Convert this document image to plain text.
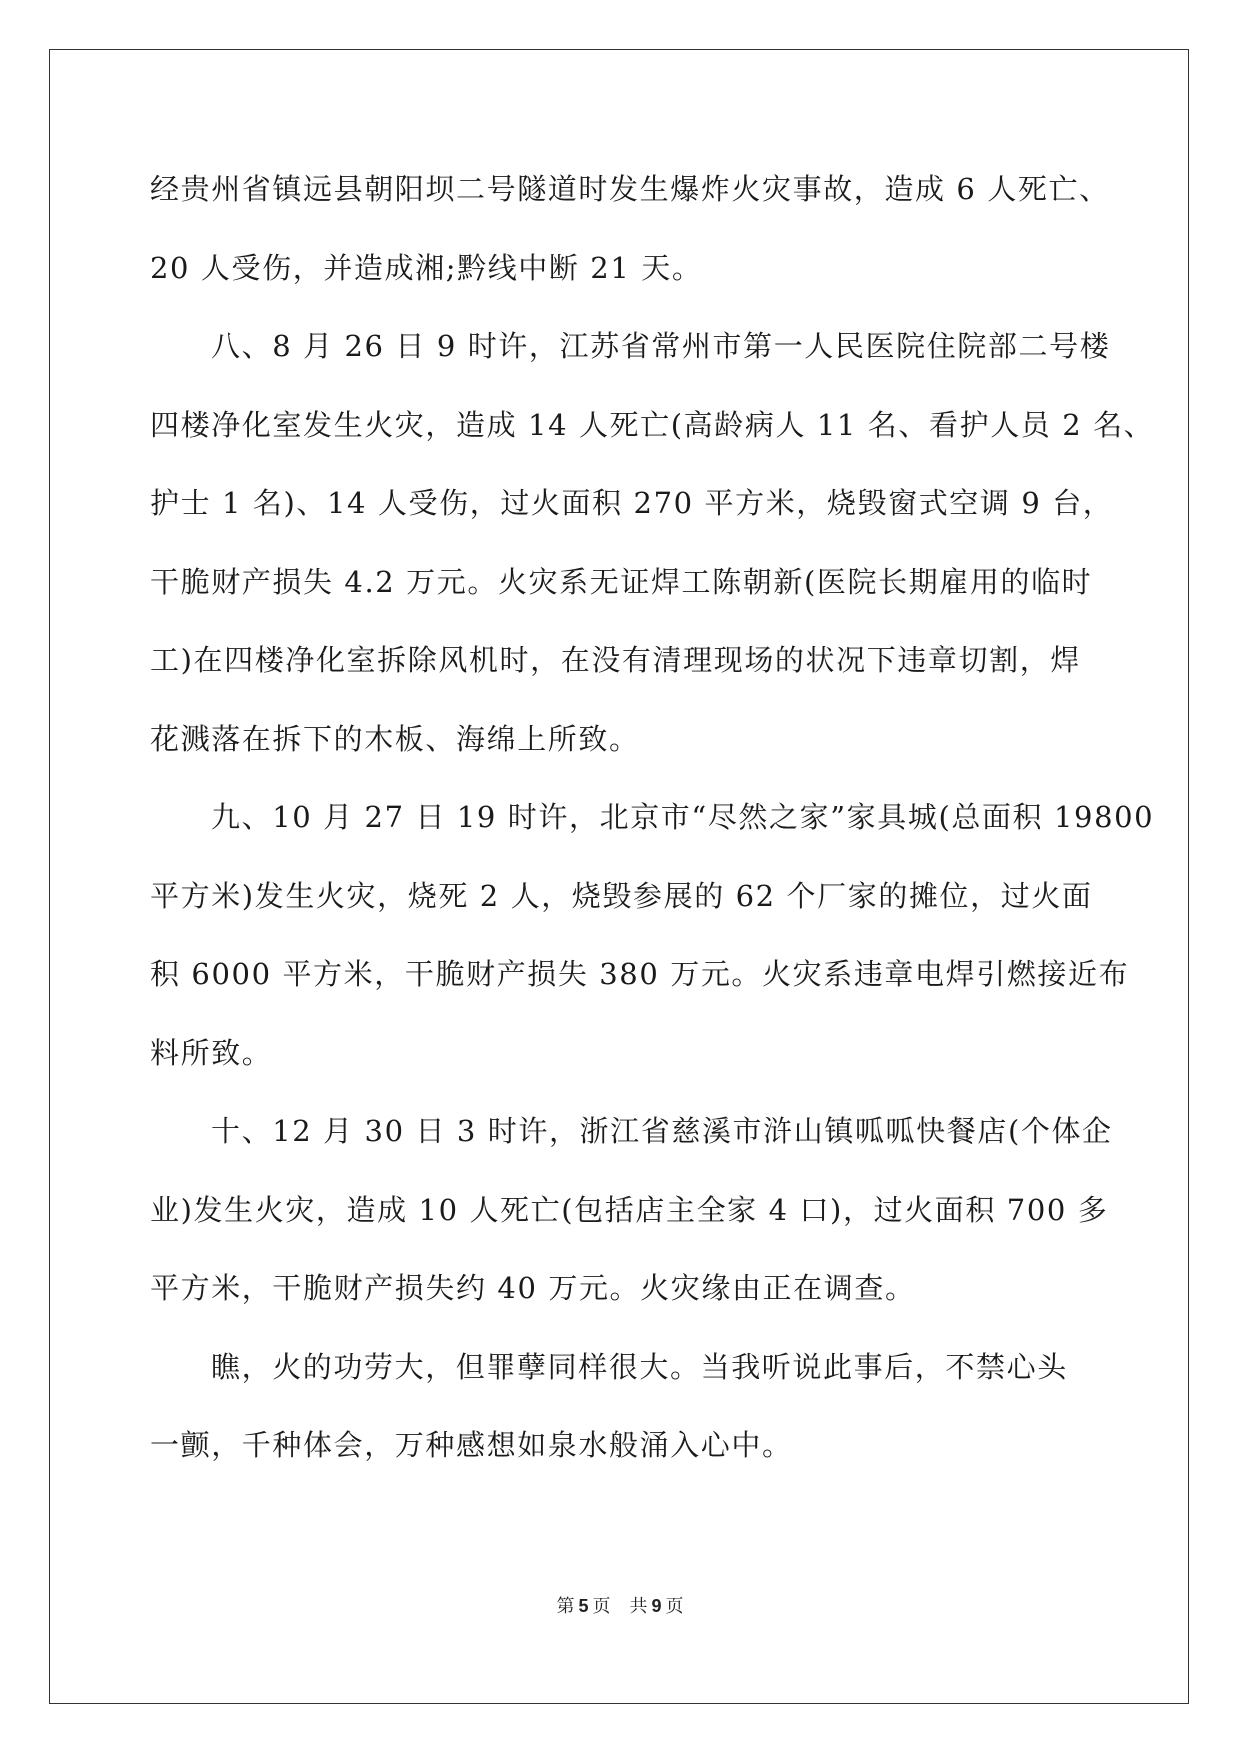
经贵州省镇远县朝阳坝二号隧道时发生爆炸火灾事故，造成 6 人死亡、
20 人受伤，并造成湘;黔线中断 21 天。

八、8 月 26 日 9 时许，江苏省常州市第一人民医院住院部二号楼
四楼净化室发生火灾，造成 14 人死亡(高龄病人 11 名、看护人员 2 名、
护士 1 名)、14 人受伤，过火面积 270 平方米，烧毁窗式空调 9 台，
干脆财产损失 4.2 万元。火灾系无证焊工陈朝新(医院长期雇用的临时
工)在四楼净化室拆除风机时，在没有清理现场的状况下违章切割，焊
花溅落在拆下的木板、海绵上所致。

九、10 月 27 日 19 时许，北京市“尽然之家”家具城(总面积 19800
平方米)发生火灾，烧死 2 人，烧毁参展的 62 个厂家的摊位，过火面
积 6000 平方米，干脆财产损失 380 万元。火灾系违章电焊引燃接近布
料所致。

十、12 月 30 日 3 时许，浙江省慈溪市浒山镇呱呱快餐店(个体企
业)发生火灾，造成 10 人死亡(包括店主全家 4 口)，过火面积 700 多
平方米，干脆财产损失约 40 万元。火灾缘由正在调查。

瞧，火的功劳大，但罪孽同样很大。当我听说此事后，不禁心头
一颤，千种体会，万种感想如泉水般涌入心中。

第 5 页 共 9 页
